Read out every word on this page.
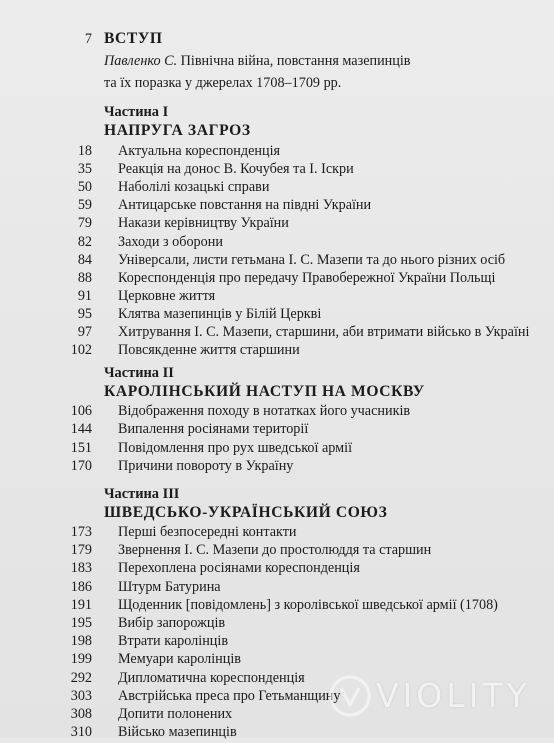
7 ВСТУП
Павленко С. Північна війна, повстання мазепинців
та їх поразка у джерелах 1708–1709 рр.
Частина І
НАПРУГА ЗАГРОЗ
18 Актуальна кореспонденція
35 Реакція на донос В. Кочубея та І. Іскри
50 Наболілі козацькі справи
59 Антицарське повстання на півдні України
79 Накази керівництву України
82 Заходи з оборони
84 Універсали, листи гетьмана І. С. Мазепи та до нього різних осіб
88 Кореспонденція про передачу Правобережної України Польщі
91 Церковне життя
95 Клятва мазепинців у Білій Церкві
97 Хитрування І. С. Мазепи, старшини, аби втримати військо в Україні
102 Повсякденне життя старшини
Частина ІІ
КАРОЛІНСЬКИЙ НАСТУП НА МОСКВУ
106 Відображення походу в нотатках його учасників
144 Випалення росіянами території
151 Повідомлення про рух шведської армії
170 Причини повороту в Україну
Частина ІІІ
ШВЕДСЬКО-УКРАЇНСЬКИЙ СОЮЗ
173 Перші безпосередні контакти
179 Звернення І. С. Мазепи до простолюддя та старшин
183 Перехоплена росіянами кореспонденція
186 Штурм Батурина
191 Щоденник [повідомлень] з королівської шведської армії (1708)
195 Вибір запорожців
198 Втрати каролінців
199 Мемуари каролінців
292 Дипломатична кореспонденція
303 Австрійська преса про Гетьманщину
308 Допити полонених
310 Військо мазепинців

VIOLITY
